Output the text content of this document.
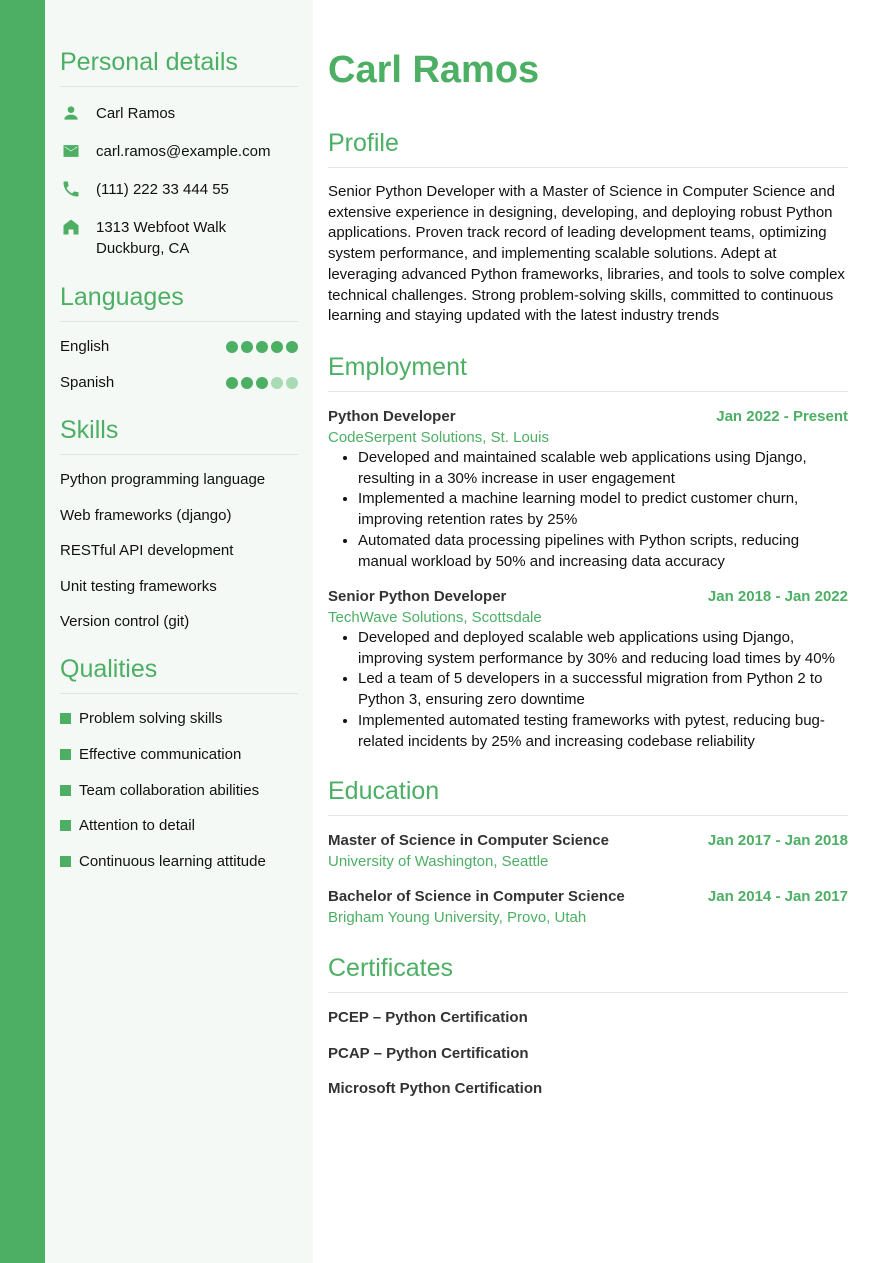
Personal details
Carl Ramos
carl.ramos@example.com
(111) 222 33 444 55
1313 Webfoot Walk
Duckburg, CA
Languages
English
Spanish
Skills
Python programming language
Web frameworks (django)
RESTful API development
Unit testing frameworks
Version control (git)
Qualities
Problem solving skills
Effective communication
Team collaboration abilities
Attention to detail
Continuous learning attitude
Carl Ramos
Profile

Senior Python Developer with a Master of Science in Computer Science and extensive experience in designing, developing, and deploying robust Python applications. Proven track record of leading development teams, optimizing system performance, and implementing scalable solutions. Adept at leveraging advanced Python frameworks, libraries, and tools to solve complex technical challenges. Strong problem-solving skills, committed to continuous learning and staying updated with the latest industry trends

Employment
Python Developer	Jan 2022 - Present
CodeSerpent Solutions, St. Louis
• Developed and maintained scalable web applications using Django, resulting in a 30% increase in user engagement
• Implemented a machine learning model to predict customer churn, improving retention rates by 25%
• Automated data processing pipelines with Python scripts, reducing manual workload by 50% and increasing data accuracy
Senior Python Developer	Jan 2018 - Jan 2022
TechWave Solutions, Scottsdale
• Developed and deployed scalable web applications using Django, improving system performance by 30% and reducing load times by 40%
• Led a team of 5 developers in a successful migration from Python 2 to Python 3, ensuring zero downtime
• Implemented automated testing frameworks with pytest, reducing bug-related incidents by 25% and increasing codebase reliability
Education
Master of Science in Computer Science	Jan 2017 - Jan 2018
University of Washington, Seattle
Bachelor of Science in Computer Science	Jan 2014 - Jan 2017
Brigham Young University, Provo, Utah
Certificates
PCEP – Python Certification
PCAP – Python Certification
Microsoft Python Certification
